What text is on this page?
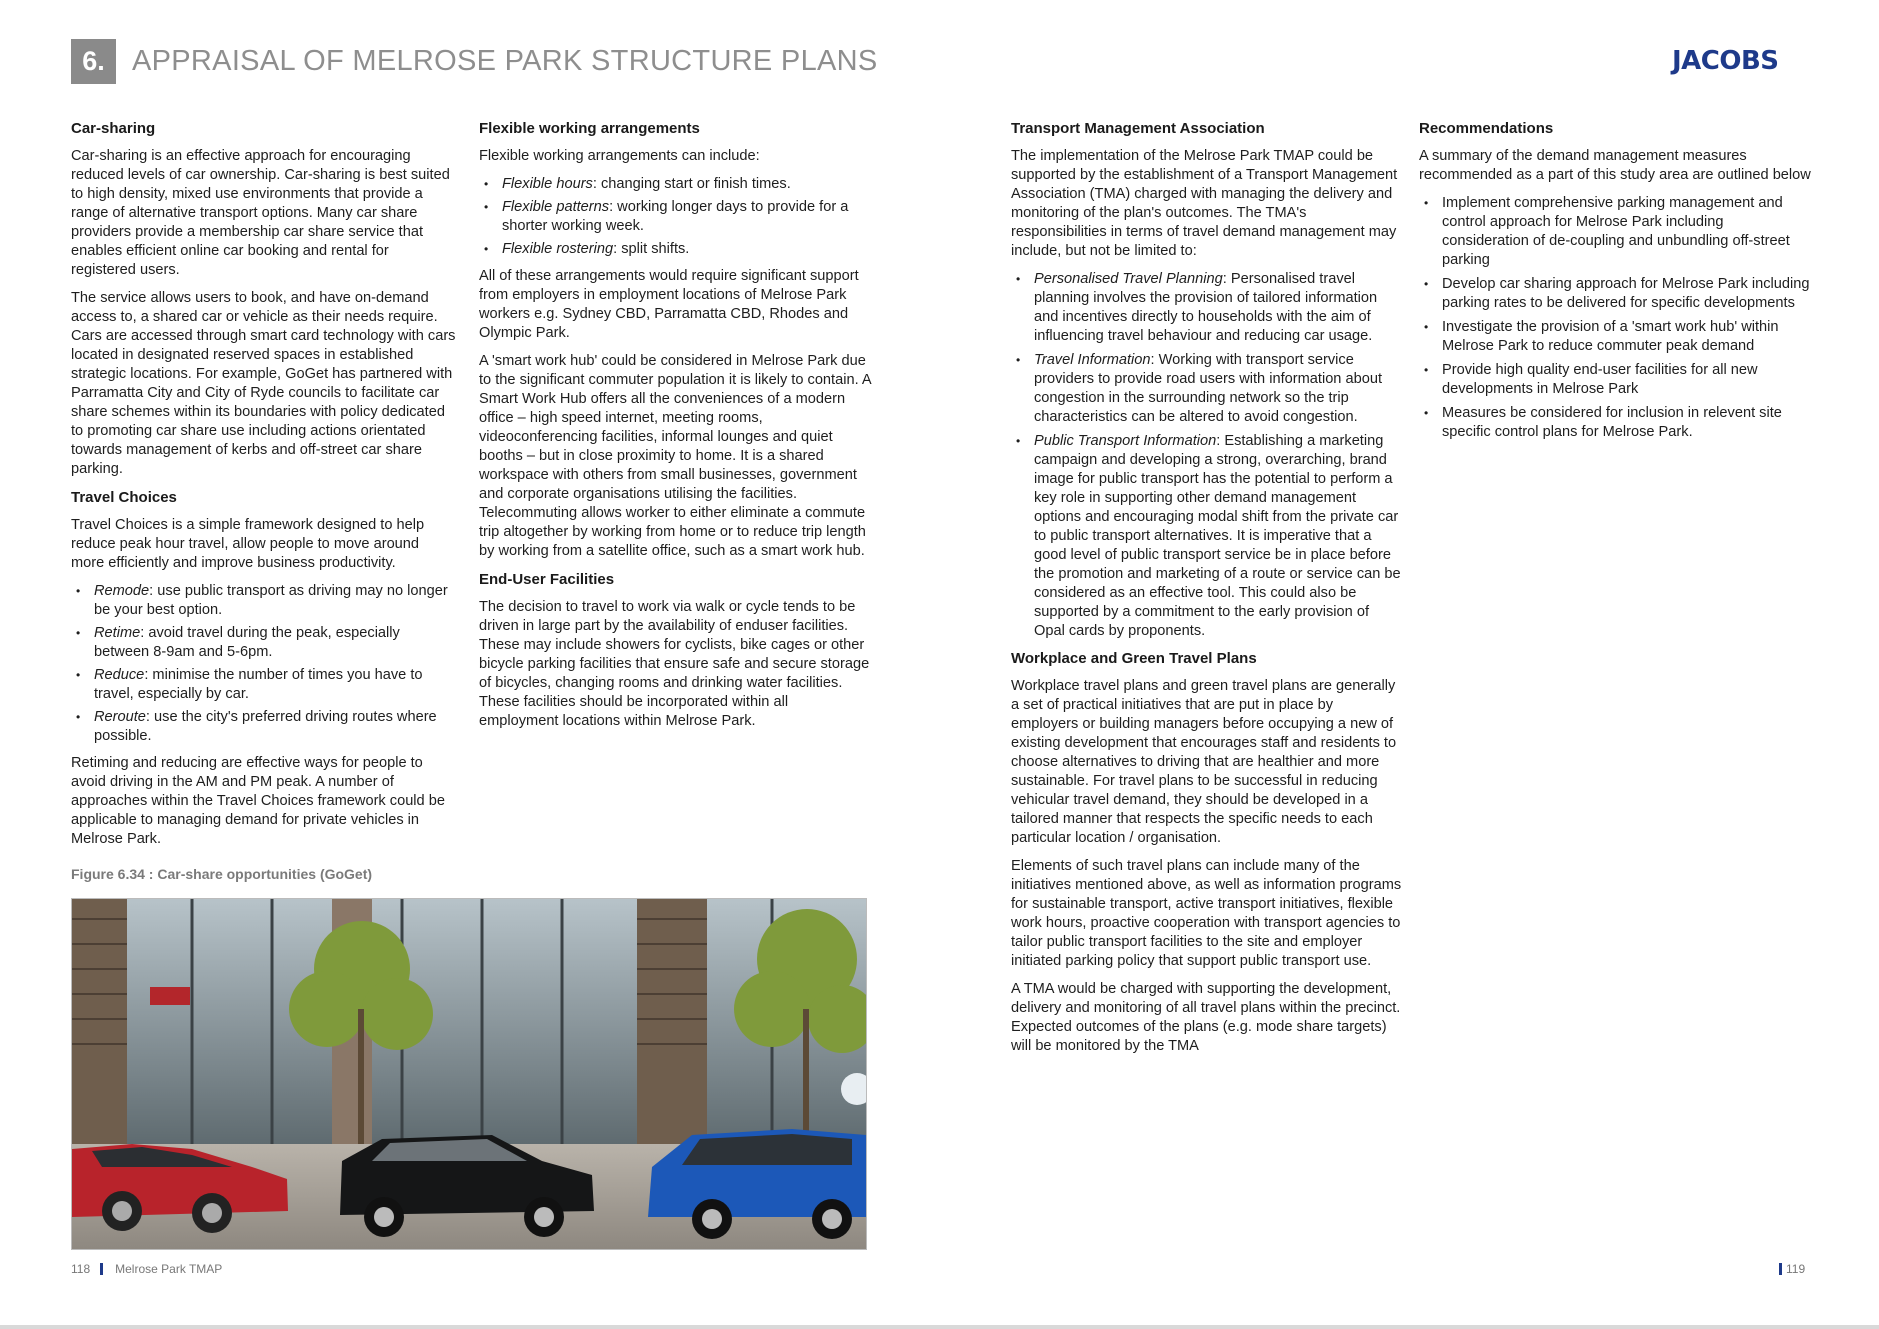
6. APPRAISAL OF MELROSE PARK STRUCTURE PLANS	JACOBS
Car-sharing

Car-sharing is an effective approach for encouraging reduced levels of car ownership. Car-sharing is best suited to high density, mixed use environments that provide a range of alternative transport options. Many car share providers provide a membership car share service that enables efficient online car booking and rental for registered users.

The service allows users to book, and have on-demand access to, a shared car or vehicle as their needs require. Cars are accessed through smart card technology with cars located in designated reserved spaces in established strategic locations. For example, GoGet has partnered with Parramatta City and City of Ryde councils to facilitate car share schemes within its boundaries with policy dedicated to promoting car share use including actions orientated towards management of kerbs and off-street car share parking.

Travel Choices

Travel Choices is a simple framework designed to help reduce peak hour travel, allow people to move around more efficiently and improve business productivity.

• Remode: use public transport as driving may no longer be your best option.
• Retime: avoid travel during the peak, especially between 8-9am and 5-6pm.
• Reduce: minimise the number of times you have to travel, especially by car.
• Reroute: use the city's preferred driving routes where possible.

Retiming and reducing are effective ways for people to avoid driving in the AM and PM peak. A number of approaches within the Travel Choices framework could be applicable to managing demand for private vehicles in Melrose Park.

Flexible working arrangements

Flexible working arrangements can include:

• Flexible hours: changing start or finish times.
• Flexible patterns: working longer days to provide for a shorter working week.
• Flexible rostering: split shifts.

All of these arrangements would require significant support from employers in employment locations of Melrose Park workers e.g. Sydney CBD, Parramatta CBD, Rhodes and Olympic Park.

A 'smart work hub' could be considered in Melrose Park due to the significant commuter population it is likely to contain. A Smart Work Hub offers all the conveniences of a modern office – high speed internet, meeting rooms, videoconferencing facilities, informal lounges and quiet booths – but in close proximity to home. It is a shared workspace with others from small businesses, government and corporate organisations utilising the facilities. Telecommuting allows worker to either eliminate a commute trip altogether by working from home or to reduce trip length by working from a satellite office, such as a smart work hub.

End-User Facilities

The decision to travel to work via walk or cycle tends to be driven in large part by the availability of enduser facilities. These may include showers for cyclists, bike cages or other bicycle parking facilities that ensure safe and secure storage of bicycles, changing rooms and drinking water facilities. These facilities should be incorporated within all employment locations within Melrose Park.

Transport Management Association

The implementation of the Melrose Park TMAP could be supported by the establishment of a Transport Management Association (TMA) charged with managing the delivery and monitoring of the plan's outcomes. The TMA's responsibilities in terms of travel demand management may include, but not be limited to:

• Personalised Travel Planning: Personalised travel planning involves the provision of tailored information and incentives directly to households with the aim of influencing travel behaviour and reducing car usage.
• Travel Information: Working with transport service providers to provide road users with information about congestion in the surrounding network so the trip characteristics can be altered to avoid congestion.
• Public Transport Information: Establishing a marketing campaign and developing a strong, overarching, brand image for public transport has the potential to perform a key role in supporting other demand management options and encouraging modal shift from the private car to public transport alternatives. It is imperative that a good level of public transport service be in place before the promotion and marketing of a route or service can be considered as an effective tool. This could also be supported by a commitment to the early provision of Opal cards by proponents.
Workplace and Green Travel Plans

Workplace travel plans and green travel plans are generally a set of practical initiatives that are put in place by employers or building managers before occupying a new of existing development that encourages staff and residents to choose alternatives to driving that are healthier and more sustainable. For travel plans to be successful in reducing vehicular travel demand, they should be developed in a tailored manner that respects the specific needs to each particular location / organisation.

Elements of such travel plans can include many of the initiatives mentioned above, as well as information programs for sustainable transport, active transport initiatives, flexible work hours, proactive cooperation with transport agencies to tailor public transport facilities to the site and employer initiated parking policy that support public transport use.

A TMA would be charged with supporting the development, delivery and monitoring of all travel plans within the precinct. Expected outcomes of the plans (e.g. mode share targets) will be monitored by the TMA

Recommendations

A summary of the demand management measures recommended as a part of this study area are outlined below

• Implement comprehensive parking management and control approach for Melrose Park including consideration of de-coupling and unbundling off-street parking
• Develop car sharing approach for Melrose Park including parking rates to be delivered for specific developments
• Investigate the provision of a 'smart work hub' within Melrose Park to reduce commuter peak demand
• Provide high quality end-user facilities for all new developments in Melrose Park
• Measures be considered for inclusion in relevent site specific control plans for Melrose Park.
Figure 6.34 : Car-share opportunities (GoGet)
118 Melrose Park TMAP	119
